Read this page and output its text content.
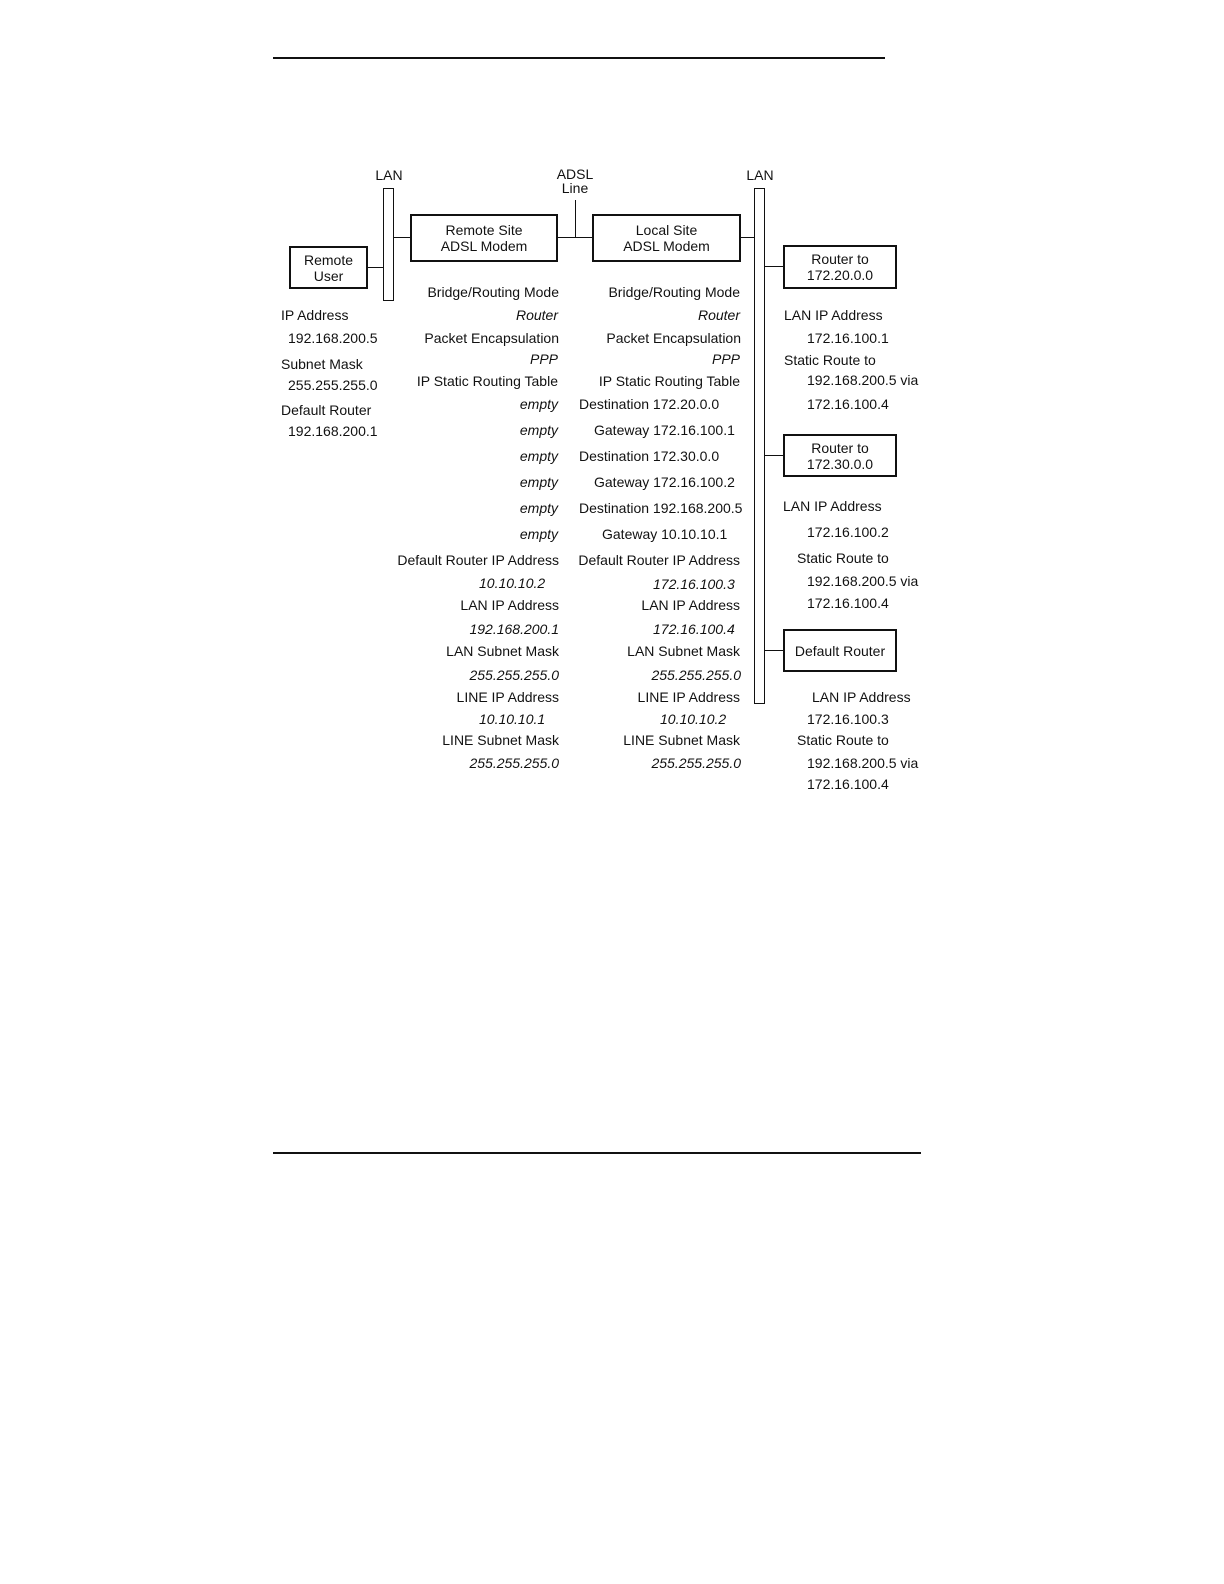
LAN	LAN
ADSL
Line
Remote
User
Remote Site
ADSL Modem
Local Site
ADSL Modem
Router to
172.20.0.0
Router to
172.30.0.0
Default Router
IP Address
192.168.200.5
Subnet Mask
255.255.255.0
Default Router
192.168.200.1
Bridge/Routing Mode
Router
Packet Encapsulation
PPP
IP Static Routing Table
empty
empty
empty
empty
empty
empty
Default Router IP Address
10.10.10.2
LAN IP Address
192.168.200.1
LAN Subnet Mask
255.255.255.0
LINE IP Address
10.10.10.1
LINE Subnet Mask
255.255.255.0
Bridge/Routing Mode
Router
Packet Encapsulation
PPP
IP Static Routing Table
Destination 172.20.0.0
Gateway 172.16.100.1
Destination 172.30.0.0
Gateway 172.16.100.2
Destination 192.168.200.5
Gateway 10.10.10.1
Default Router IP Address
172.16.100.3
LAN IP Address
172.16.100.4
LAN Subnet Mask
255.255.255.0
LINE IP Address
10.10.10.2
LINE Subnet Mask
255.255.255.0
LAN IP Address
172.16.100.1
Static Route to
192.168.200.5 via
172.16.100.4
LAN IP Address
172.16.100.2
Static Route to
192.168.200.5 via
172.16.100.4
LAN IP Address
172.16.100.3
Static Route to
192.168.200.5 via
172.16.100.4
